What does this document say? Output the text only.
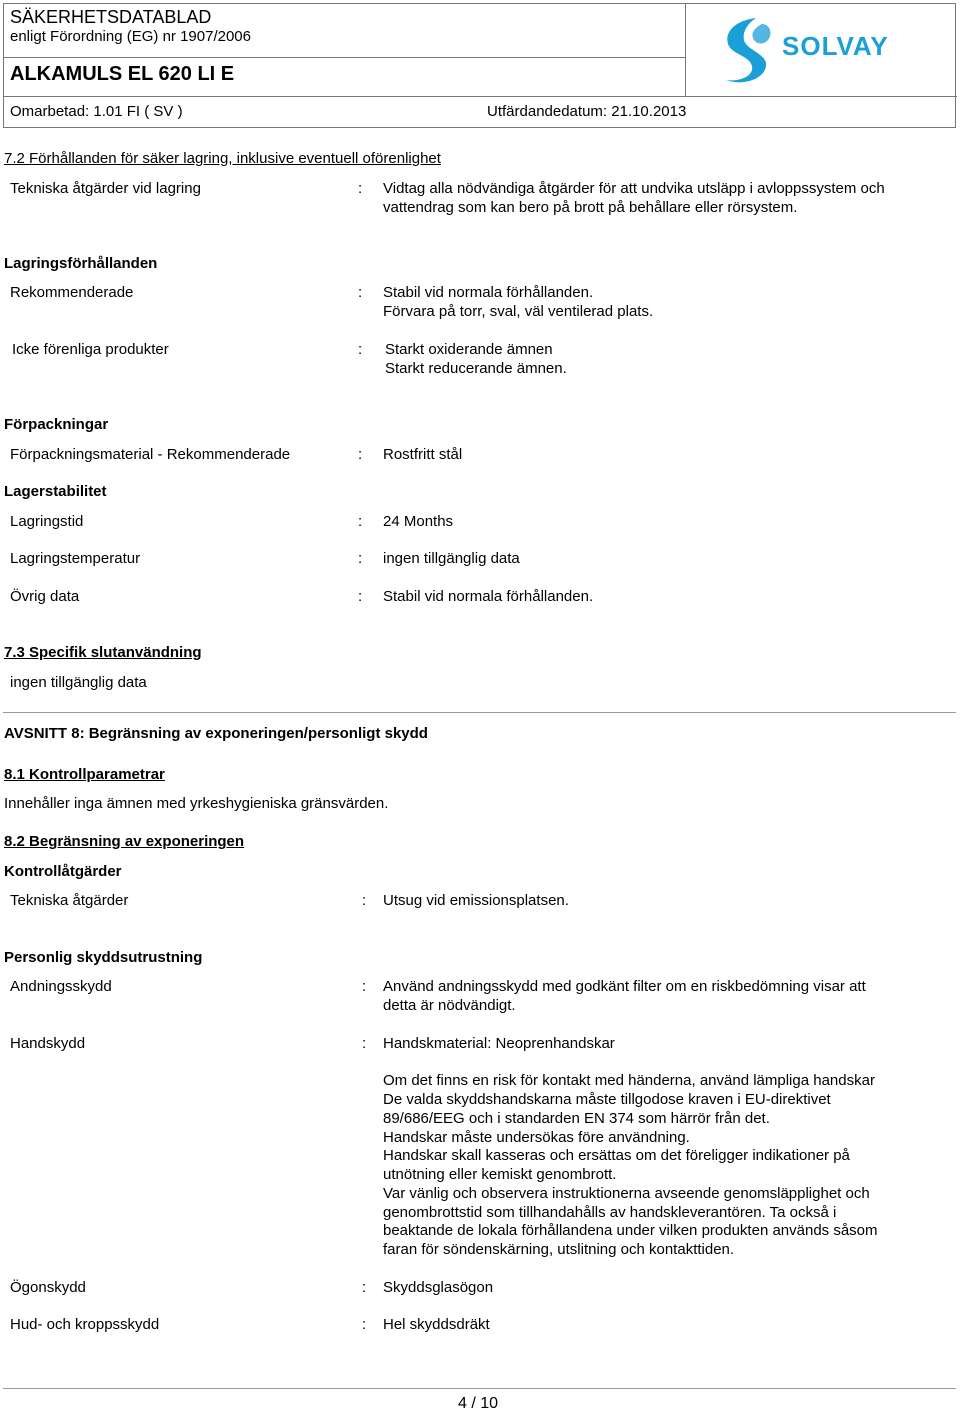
SÄKERHETSDATABLAD
enligt Förordning (EG) nr 1907/2006
ALKAMULS EL 620 LI E
Omarbetad: 1.01 FI ( SV )	Utfärdandedatum: 21.10.2013
SOLVAY
7.2 Förhållanden för säker lagring, inklusive eventuell oförenlighet
Tekniska åtgärder vid lagring	: Vidtag alla nödvändiga åtgärder för att undvika utsläpp i avloppssystem och
vattendrag som kan bero på brott på behållare eller rörsystem.
Lagringsförhållanden
Rekommenderade	: Stabil vid normala förhållanden.
Förvara på torr, sval, väl ventilerad plats.
Icke förenliga produkter	: Starkt oxiderande ämnen
Starkt reducerande ämnen.
Förpackningar
Förpackningsmaterial - Rekommenderade	: Rostfritt stål
Lagerstabilitet
Lagringstid	: 24 Months
Lagringstemperatur	: ingen tillgänglig data
Övrig data	: Stabil vid normala förhållanden.
7.3 Specifik slutanvändning
ingen tillgänglig data
AVSNITT 8: Begränsning av exponeringen/personligt skydd
8.1 Kontrollparametrar
Innehåller inga ämnen med yrkeshygieniska gränsvärden.
8.2 Begränsning av exponeringen
Kontrollåtgärder
Tekniska åtgärder	: Utsug vid emissionsplatsen.
Personlig skyddsutrustning
Andningsskydd	: Använd andningsskydd med godkänt filter om en riskbedömning visar att
detta är nödvändigt.
Handskydd	: Handskmaterial: Neoprenhandskar
Om det finns en risk för kontakt med händerna, använd lämpliga handskar
De valda skyddshandskarna måste tillgodose kraven i EU-direktivet
89/686/EEG och i standarden EN 374 som härrör från det.
Handskar måste undersökas före användning.
Handskar skall kasseras och ersättas om det föreligger indikationer på
utnötning eller kemiskt genombrott.
Var vänlig och observera instruktionerna avseende genomsläpplighet och
genombrottstid som tillhandahålls av handskleverantören. Ta också i
beaktande de lokala förhållandena under vilken produkten används såsom
faran för söndenskärning, utslitning och kontakttiden.
Ögonskydd	: Skyddsglasögon
Hud- och kroppsskydd	: Hel skyddsdräkt
4 / 10
